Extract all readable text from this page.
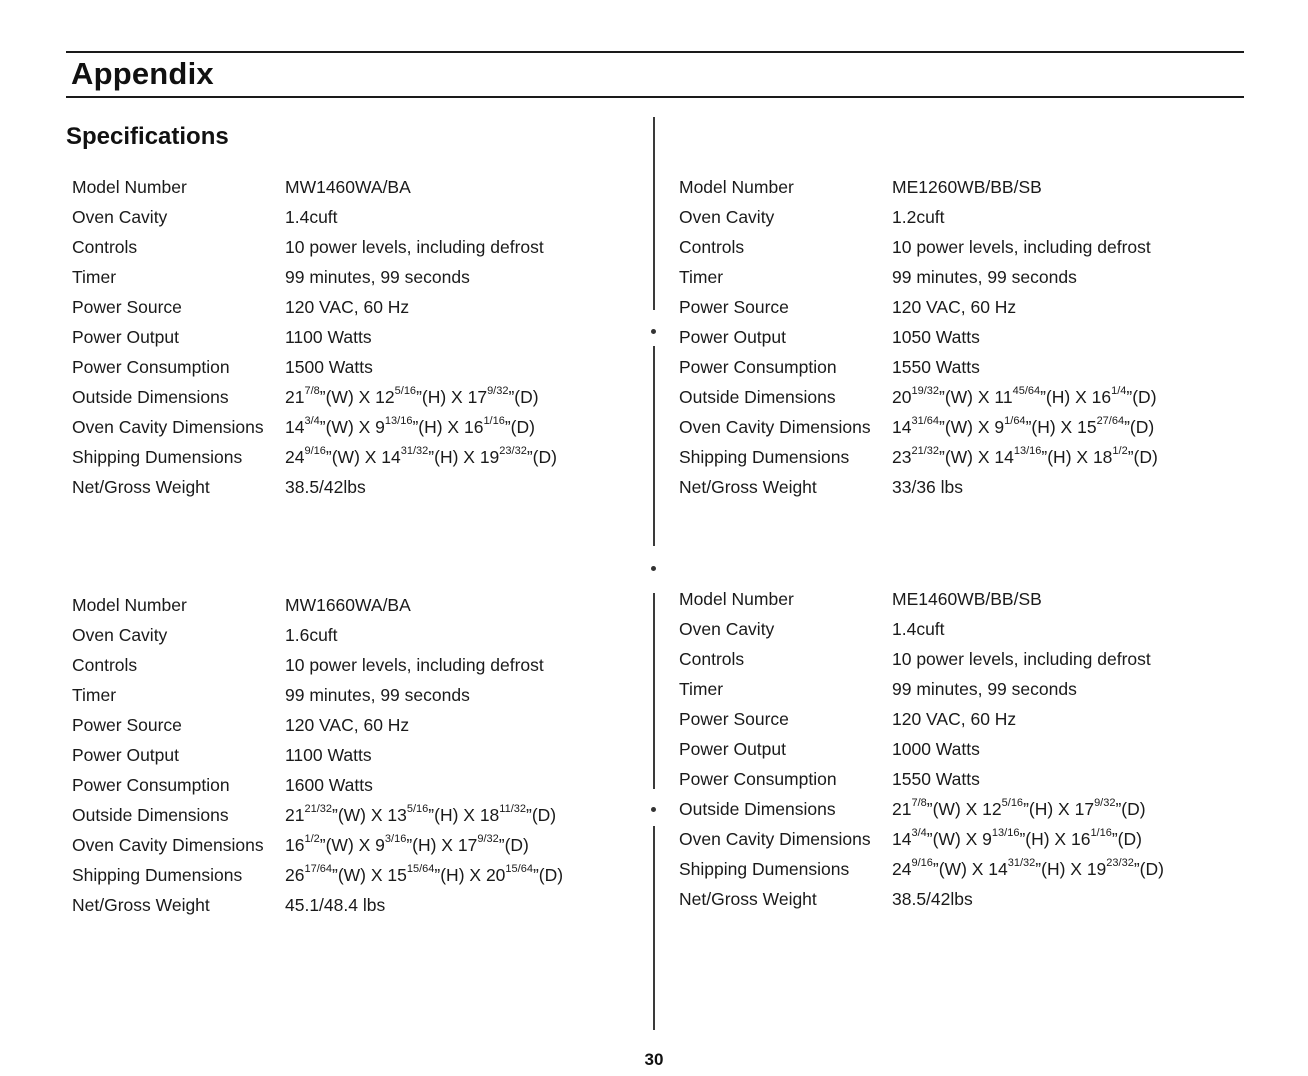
Appendix
Specifications
Model Number	MW1460WA/BA
Oven Cavity	1.4cuft
Controls	10 power levels, including defrost
Timer	99 minutes, 99 seconds
Power Source	120 VAC, 60 Hz
Power Output	1100 Watts
Power Consumption	1500 Watts
Outside Dimensions	$21^{7/8}”(W)$ X $12^{5/16}”(H)$ X $17^{9/32}”(D)$
Oven Cavity Dimensions	$14^{3/4}”(W)$ X $9^{13/16}”(H)$ X $16^{1/16}”(D)$
Shipping Dumensions	$24^{9/16}”(W)$ X $14^{31/32}”(H)$ X $19^{23/32}”(D)$
Net/Gross Weight	38.5/42lbs
Model Number	ME1260WB/BB/SB
Oven Cavity	1.2cuft
Controls	10 power levels, including defrost
Timer	99 minutes, 99 seconds
Power Source	120 VAC, 60 Hz
Power Output	1050 Watts
Power Consumption	1550 Watts
Outside Dimensions	$20^{19/32}”(W)$ X $11^{45/64}”(H)$ X $16^{1/4}”(D)$
Oven Cavity Dimensions	$14^{31/64}”(W)$ X $9^{1/64}”(H)$ X $15^{27/64}”(D)$
Shipping Dumensions	$23^{21/32}”(W)$ X $14^{13/16}”(H)$ X $18^{1/2}”(D)$
Net/Gross Weight	33/36 lbs
Model Number	MW1660WA/BA
Oven Cavity	1.6cuft
Controls	10 power levels, including defrost
Timer	99 minutes, 99 seconds
Power Source	120 VAC, 60 Hz
Power Output	1100 Watts
Power Consumption	1600 Watts
Outside Dimensions	$21^{21/32}”(W)$ X $13^{5/16}”(H)$ X $18^{11/32}”(D)$
Oven Cavity Dimensions	$16^{1/2}”(W)$ X $9^{3/16}”(H)$ X $17^{9/32}”(D)$
Shipping Dumensions	$26^{17/64}”(W)$ X $15^{15/64}”(H)$ X $20^{15/64}”(D)$
Net/Gross Weight	45.1/48.4 lbs
Model Number	ME1460WB/BB/SB
Oven Cavity	1.4cuft
Controls	10 power levels, including defrost
Timer	99 minutes, 99 seconds
Power Source	120 VAC, 60 Hz
Power Output	1000 Watts
Power Consumption	1550 Watts
Outside Dimensions	$21^{7/8}”(W)$ X $12^{5/16}”(H)$ X $17^{9/32}”(D)$
Oven Cavity Dimensions	$14^{3/4}”(W)$ X $9^{13/16}”(H)$ X $16^{1/16}”(D)$
Shipping Dumensions	$24^{9/16}”(W)$ X $14^{31/32}”(H)$ X $19^{23/32}”(D)$
Net/Gross Weight	38.5/42lbs
30
